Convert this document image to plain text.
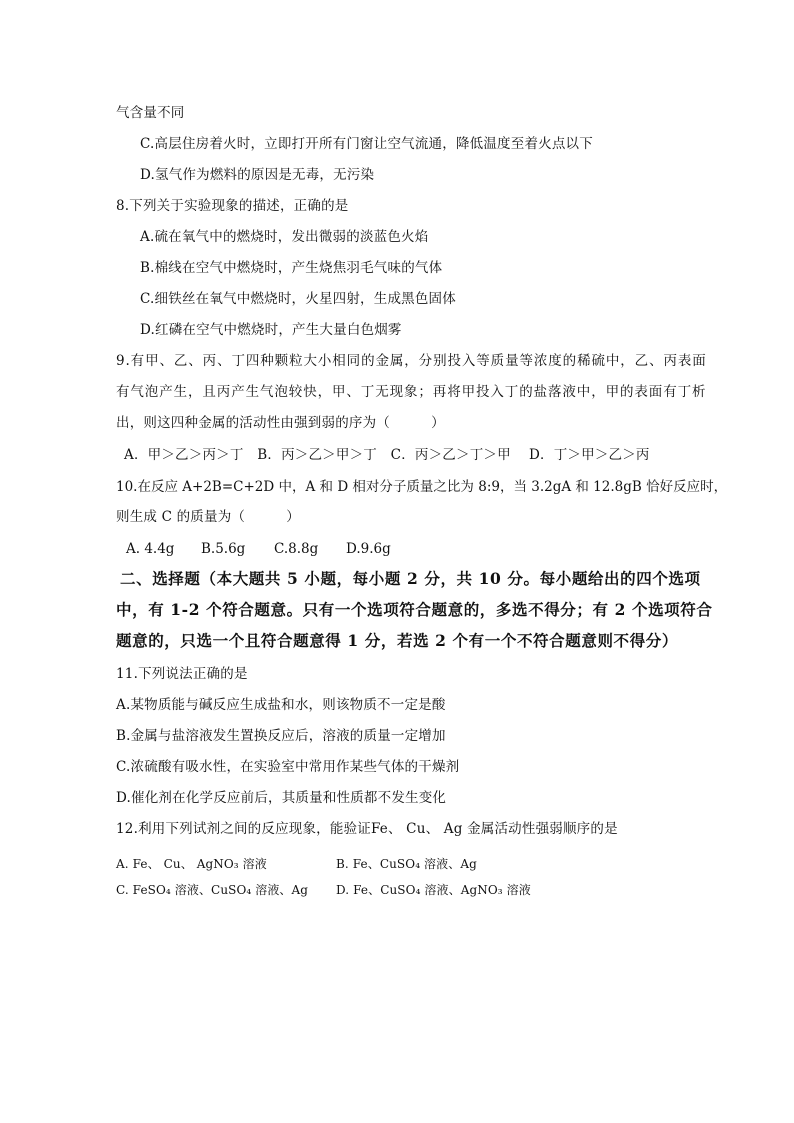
气含量不同
C.高层住房着火时，立即打开所有门窗让空气流通，降低温度至着火点以下
D.氢气作为燃料的原因是无毒，无污染
8.下列关于实验现象的描述，正确的是
A.硫在氧气中的燃烧时，发出微弱的淡蓝色火焰
B.棉线在空气中燃烧时，产生烧焦羽毛气味的气体
C.细铁丝在氧气中燃烧时，火星四射，生成黑色固体
D.红磷在空气中燃烧时，产生大量白色烟雾
9.有甲、乙、丙、丁四种颗粒大小相同的金属，分别投入等质量等浓度的稀硫中，乙、丙表面
有气泡产生，且丙产生气泡较快，甲、丁无现象；再将甲投入丁的盐落液中，甲的表面有丁析
出，则这四种金属的活动性由强到弱的序为（　　　）
A．甲＞乙＞丙＞丁　B．丙＞乙＞甲＞丁　C．丙＞乙＞丁＞甲　 D．丁＞甲＞乙＞丙
10.在反应 A+2B=C+2D 中，A 和 D 相对分子质量之比为 8:9，当 3.2gA 和 12.8gB 恰好反应时，
则生成 C 的质量为（　　　）
A. 4.4g B.5.6g C.8.8g D.9.6g
二、选择题（本大题共 5 小题，每小题 2 分，共 10 分。每小题给出的四个选项
中，有 1-2 个符合题意。只有一个选项符合题意的，多选不得分；有 2 个选项符合
题意的，只选一个且符合题意得 1 分，若选 2 个有一个不符合题意则不得分）
11.下列说法正确的是
A.某物质能与碱反应生成盐和水，则该物质不一定是酸
B.金属与盐溶液发生置换反应后，溶液的质量一定增加
C.浓硫酸有吸水性，在实验室中常用作某些气体的干燥剂
D.催化剂在化学反应前后，其质量和性质都不发生变化
12.利用下列试剂之间的反应现象，能验证Fe、 Cu、 Ag 金属活动性强弱顺序的是
A. Fe、 Cu、 AgNO₃ 溶液	B. Fe、CuSO₄ 溶液、Ag
C. FeSO₄ 溶液、CuSO₄ 溶液、Ag D. Fe、CuSO₄ 溶液、AgNO₃ 溶液
